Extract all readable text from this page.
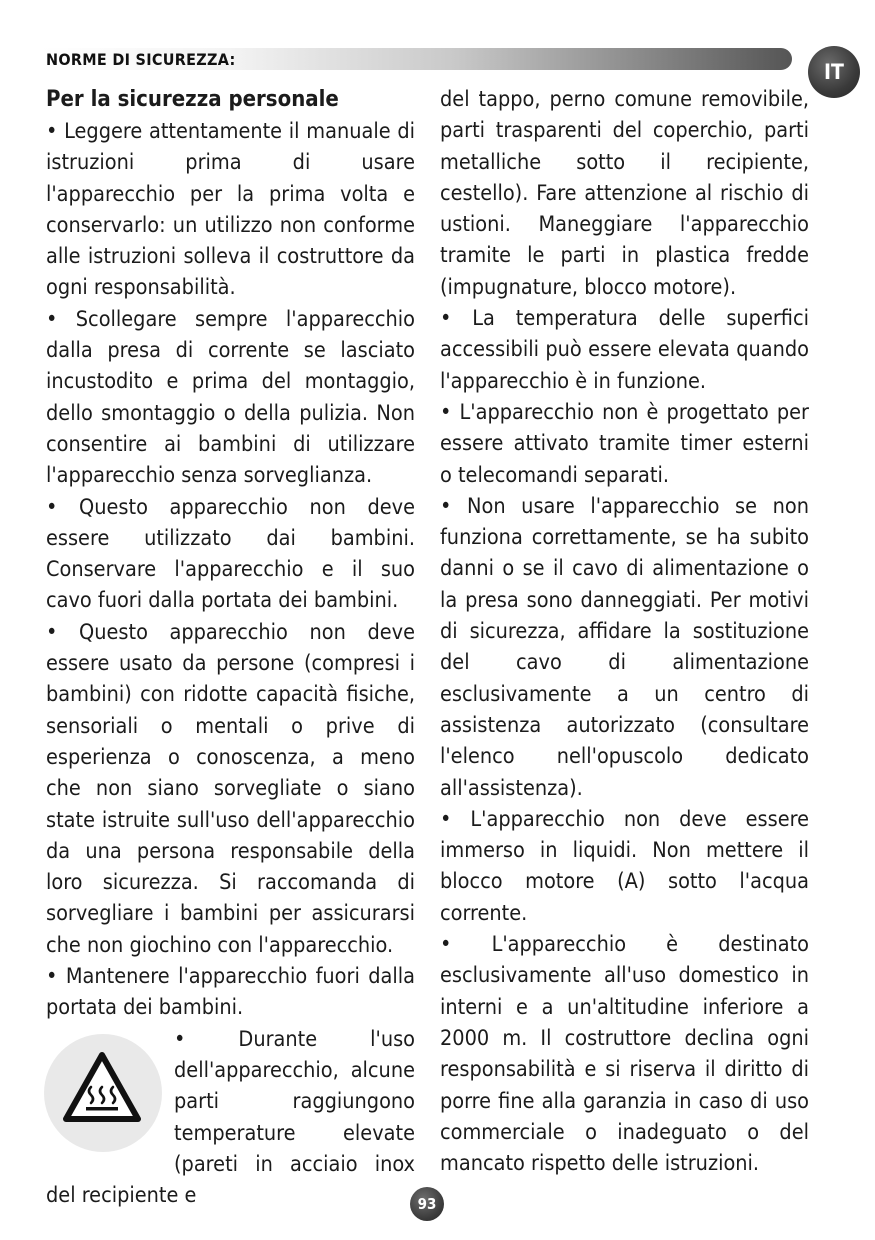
NORME DI SICUREZZA:
IT

Per la sicurezza personale

• Leggere attentamente il manuale di istruzioni prima di usare l'apparecchio per la prima volta e conservarlo: un utilizzo non conforme alle istruzioni solleva il costruttore da ogni responsabilità.

• Scollegare sempre l'apparecchio dalla presa di corrente se lasciato incustodito e prima del montaggio, dello smontaggio o della pulizia. Non consentire ai bambini di utilizzare l'apparecchio senza sorveglianza.

• Questo apparecchio non deve essere utilizzato dai bambini. Conservare l'apparecchio e il suo cavo fuori dalla portata dei bambini.

• Questo apparecchio non deve essere usato da persone (compresi i bambini) con ridotte capacità fisiche, sensoriali o mentali o prive di esperienza o conoscenza, a meno che non siano sorvegliate o siano state istruite sull'uso dell'apparecchio da una persona responsabile della loro sicurezza. Si raccomanda di sorvegliare i bambini per assicurarsi che non giochino con l'apparecchio.

• Mantenere l'apparecchio fuori dalla portata dei bambini.

• Durante l'uso dell'apparecchio, alcune parti raggiungono temperature elevate (pareti in acciaio inox del recipiente e

del tappo, perno comune removibile, parti trasparenti del coperchio, parti metalliche sotto il recipiente, cestello). Fare attenzione al rischio di ustioni. Maneggiare l'apparecchio tramite le parti in plastica fredde (impugnature, blocco motore).

• La temperatura delle superfici accessibili può essere elevata quando l'apparecchio è in funzione.

• L'apparecchio non è progettato per essere attivato tramite timer esterni o telecomandi separati.

• Non usare l'apparecchio se non funziona correttamente, se ha subito danni o se il cavo di alimentazione o la presa sono danneggiati. Per motivi di sicurezza, affidare la sostituzione del cavo di alimentazione esclusivamente a un centro di assistenza autorizzato (consultare l'elenco nell'opuscolo dedicato all'assistenza).

• L'apparecchio non deve essere immerso in liquidi. Non mettere il blocco motore (A) sotto l'acqua corrente.

• L'apparecchio è destinato esclusivamente all'uso domestico in interni e a un'altitudine inferiore a 2000 m. Il costruttore declina ogni responsabilità e si riserva il diritto di porre fine alla garanzia in caso di uso commerciale o inadeguato o del mancato rispetto delle istruzioni.

93
